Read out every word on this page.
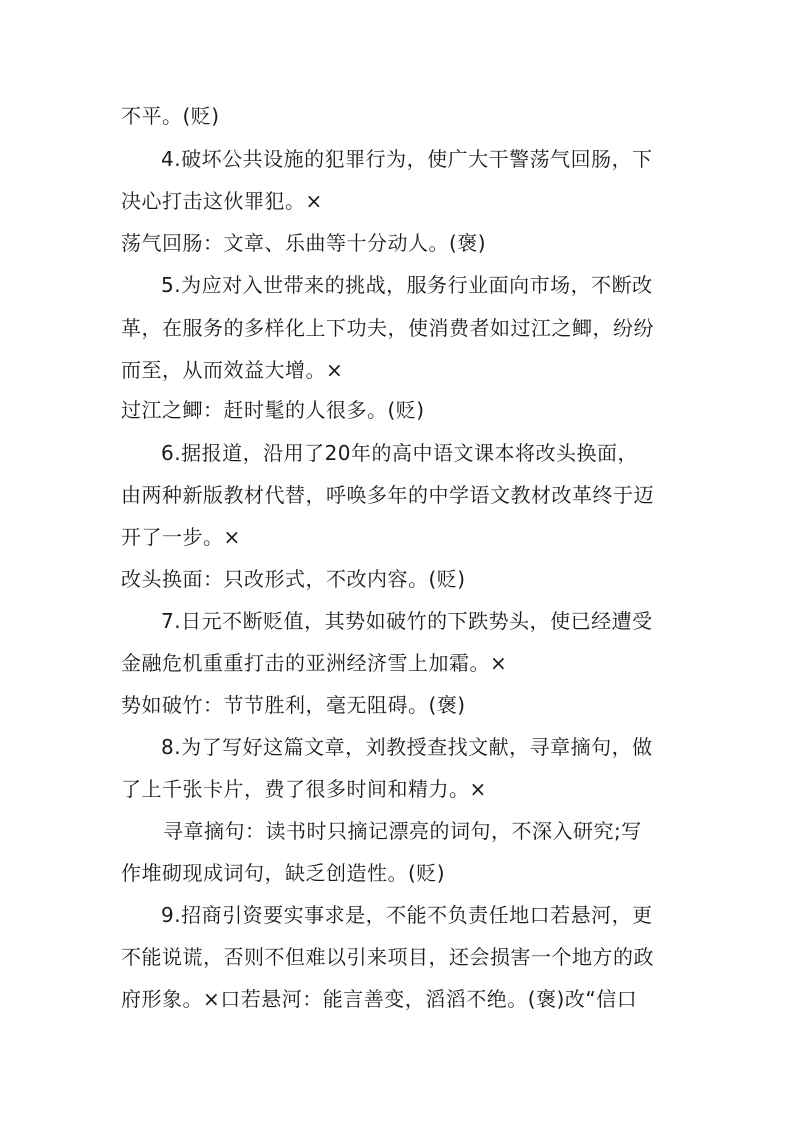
不平。(贬)
4.破坏公共设施的犯罪行为，使广大干警荡气回肠，下
决心打击这伙罪犯。×
荡气回肠：文章、乐曲等十分动人。(褒)
5.为应对入世带来的挑战，服务行业面向市场，不断改
革，在服务的多样化上下功夫，使消费者如过江之鲫，纷纷
而至，从而效益大增。×
过江之鲫：赶时髦的人很多。(贬)
6.据报道，沿用了20年的高中语文课本将改头换面，
由两种新版教材代替，呼唤多年的中学语文教材改革终于迈
开了一步。×
改头换面：只改形式，不改内容。(贬)
7.日元不断贬值，其势如破竹的下跌势头，使已经遭受
金融危机重重打击的亚洲经济雪上加霜。×
势如破竹：节节胜利，毫无阻碍。(褒)
8.为了写好这篇文章，刘教授查找文献，寻章摘句，做
了上千张卡片，费了很多时间和精力。×
寻章摘句：读书时只摘记漂亮的词句，不深入研究;写
作堆砌现成词句，缺乏创造性。(贬)
9.招商引资要实事求是，不能不负责任地口若悬河，更
不能说谎，否则不但难以引来项目，还会损害一个地方的政
府形象。×口若悬河：能言善变，滔滔不绝。(褒)改“信口
